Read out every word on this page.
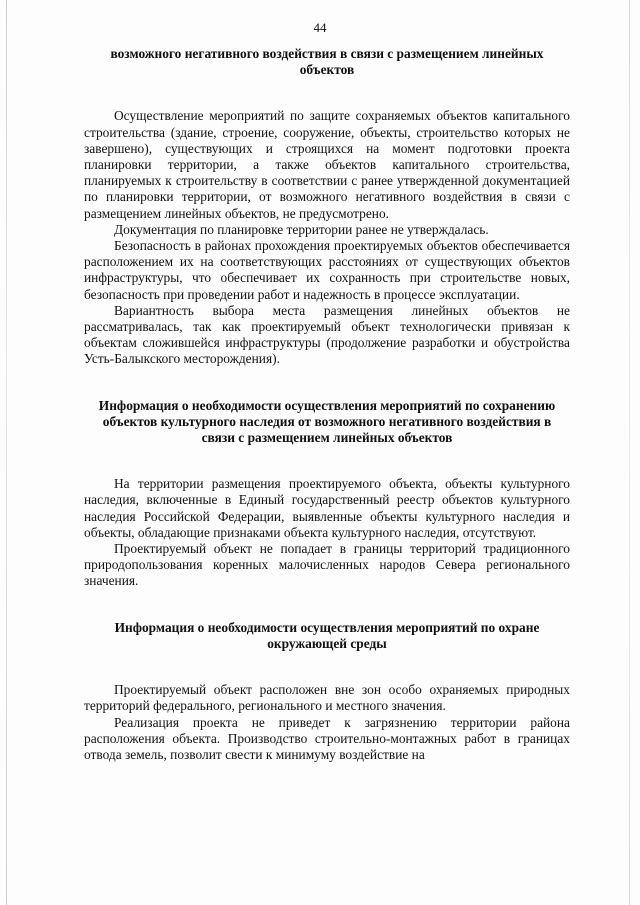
44

возможного негативного воздействия в связи с размещением линейных объектов

Осуществление мероприятий по защите сохраняемых объектов капитального строительства (здание, строение, сооружение, объекты, строительство которых не завершено), существующих и строящихся на момент подготовки проекта планировки территории, а также объектов капитального строительства, планируемых к строительству в соответствии с ранее утвержденной документацией по планировки территории, от возможного негативного воздействия в связи с размещением линейных объектов, не предусмотрено.

Документация по планировке территории ранее не утверждалась.

Безопасность в районах прохождения проектируемых объектов обеспечивается расположением их на соответствующих расстояниях от существующих объектов инфраструктуры, что обеспечивает их сохранность при строительстве новых, безопасность при проведении работ и надежность в процессе эксплуатации.

Вариантность выбора места размещения линейных объектов не рассматривалась, так как проектируемый объект технологически привязан к объектам сложившейся инфраструктуры (продолжение разработки и обустройства Усть-Балыкского месторождения).

Информация о необходимости осуществления мероприятий по сохранению объектов культурного наследия от возможного негативного воздействия в связи с размещением линейных объектов

На территории размещения проектируемого объекта, объекты культурного наследия, включенные в Единый государственный реестр объектов культурного наследия Российской Федерации, выявленные объекты культурного наследия и объекты, обладающие признаками объекта культурного наследия, отсутствуют.

Проектируемый объект не попадает в границы территорий традиционного природопользования коренных малочисленных народов Севера регионального значения.

Информация о необходимости осуществления мероприятий по охране окружающей среды

Проектируемый объект расположен вне зон особо охраняемых природных территорий федерального, регионального и местного значения.

Реализация проекта не приведет к загрязнению территории района расположения объекта. Производство строительно-монтажных работ в границах отвода земель, позволит свести к минимуму воздействие на
